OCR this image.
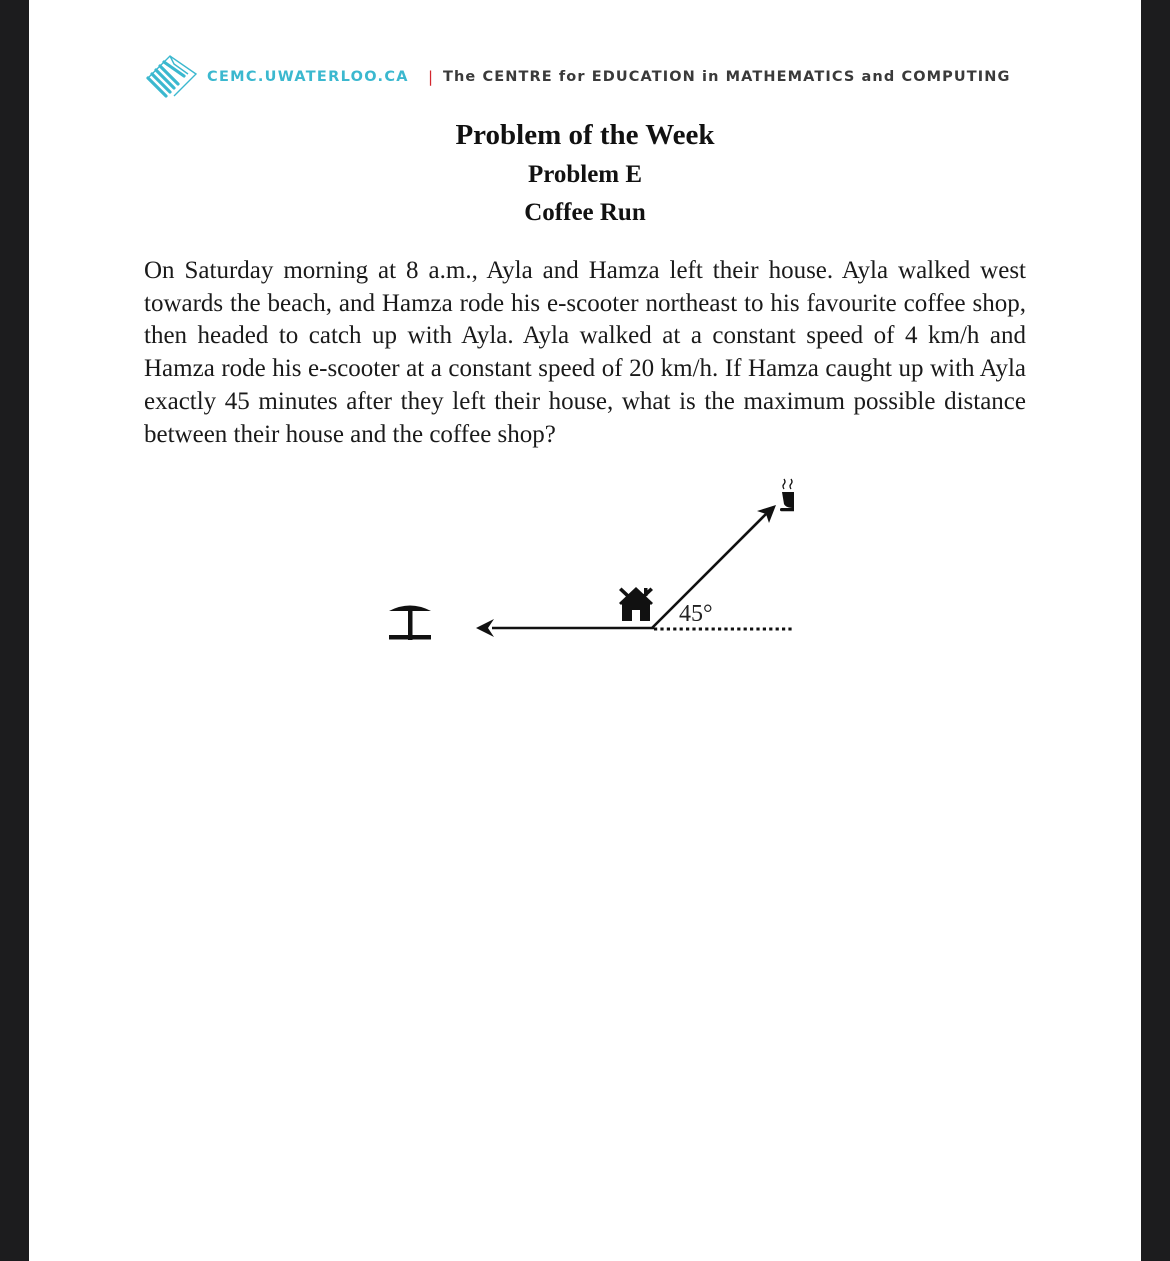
CEMC.UWATERLOO.CA | The CENTRE for EDUCATION in MATHEMATICS and COMPUTING
Problem of the Week
Problem E
Coffee Run
On Saturday morning at 8 a.m., Ayla and Hamza left their house. Ayla walked west towards the beach, and Hamza rode his e-scooter northeast to his favourite coffee shop, then headed to catch up with Ayla. Ayla walked at a constant speed of 4 km/h and Hamza rode his e-scooter at a constant speed of 20 km/h. If Hamza caught up with Ayla exactly 45 minutes after they left their house, what is the maximum possible distance between their house and the coffee shop?
45°
